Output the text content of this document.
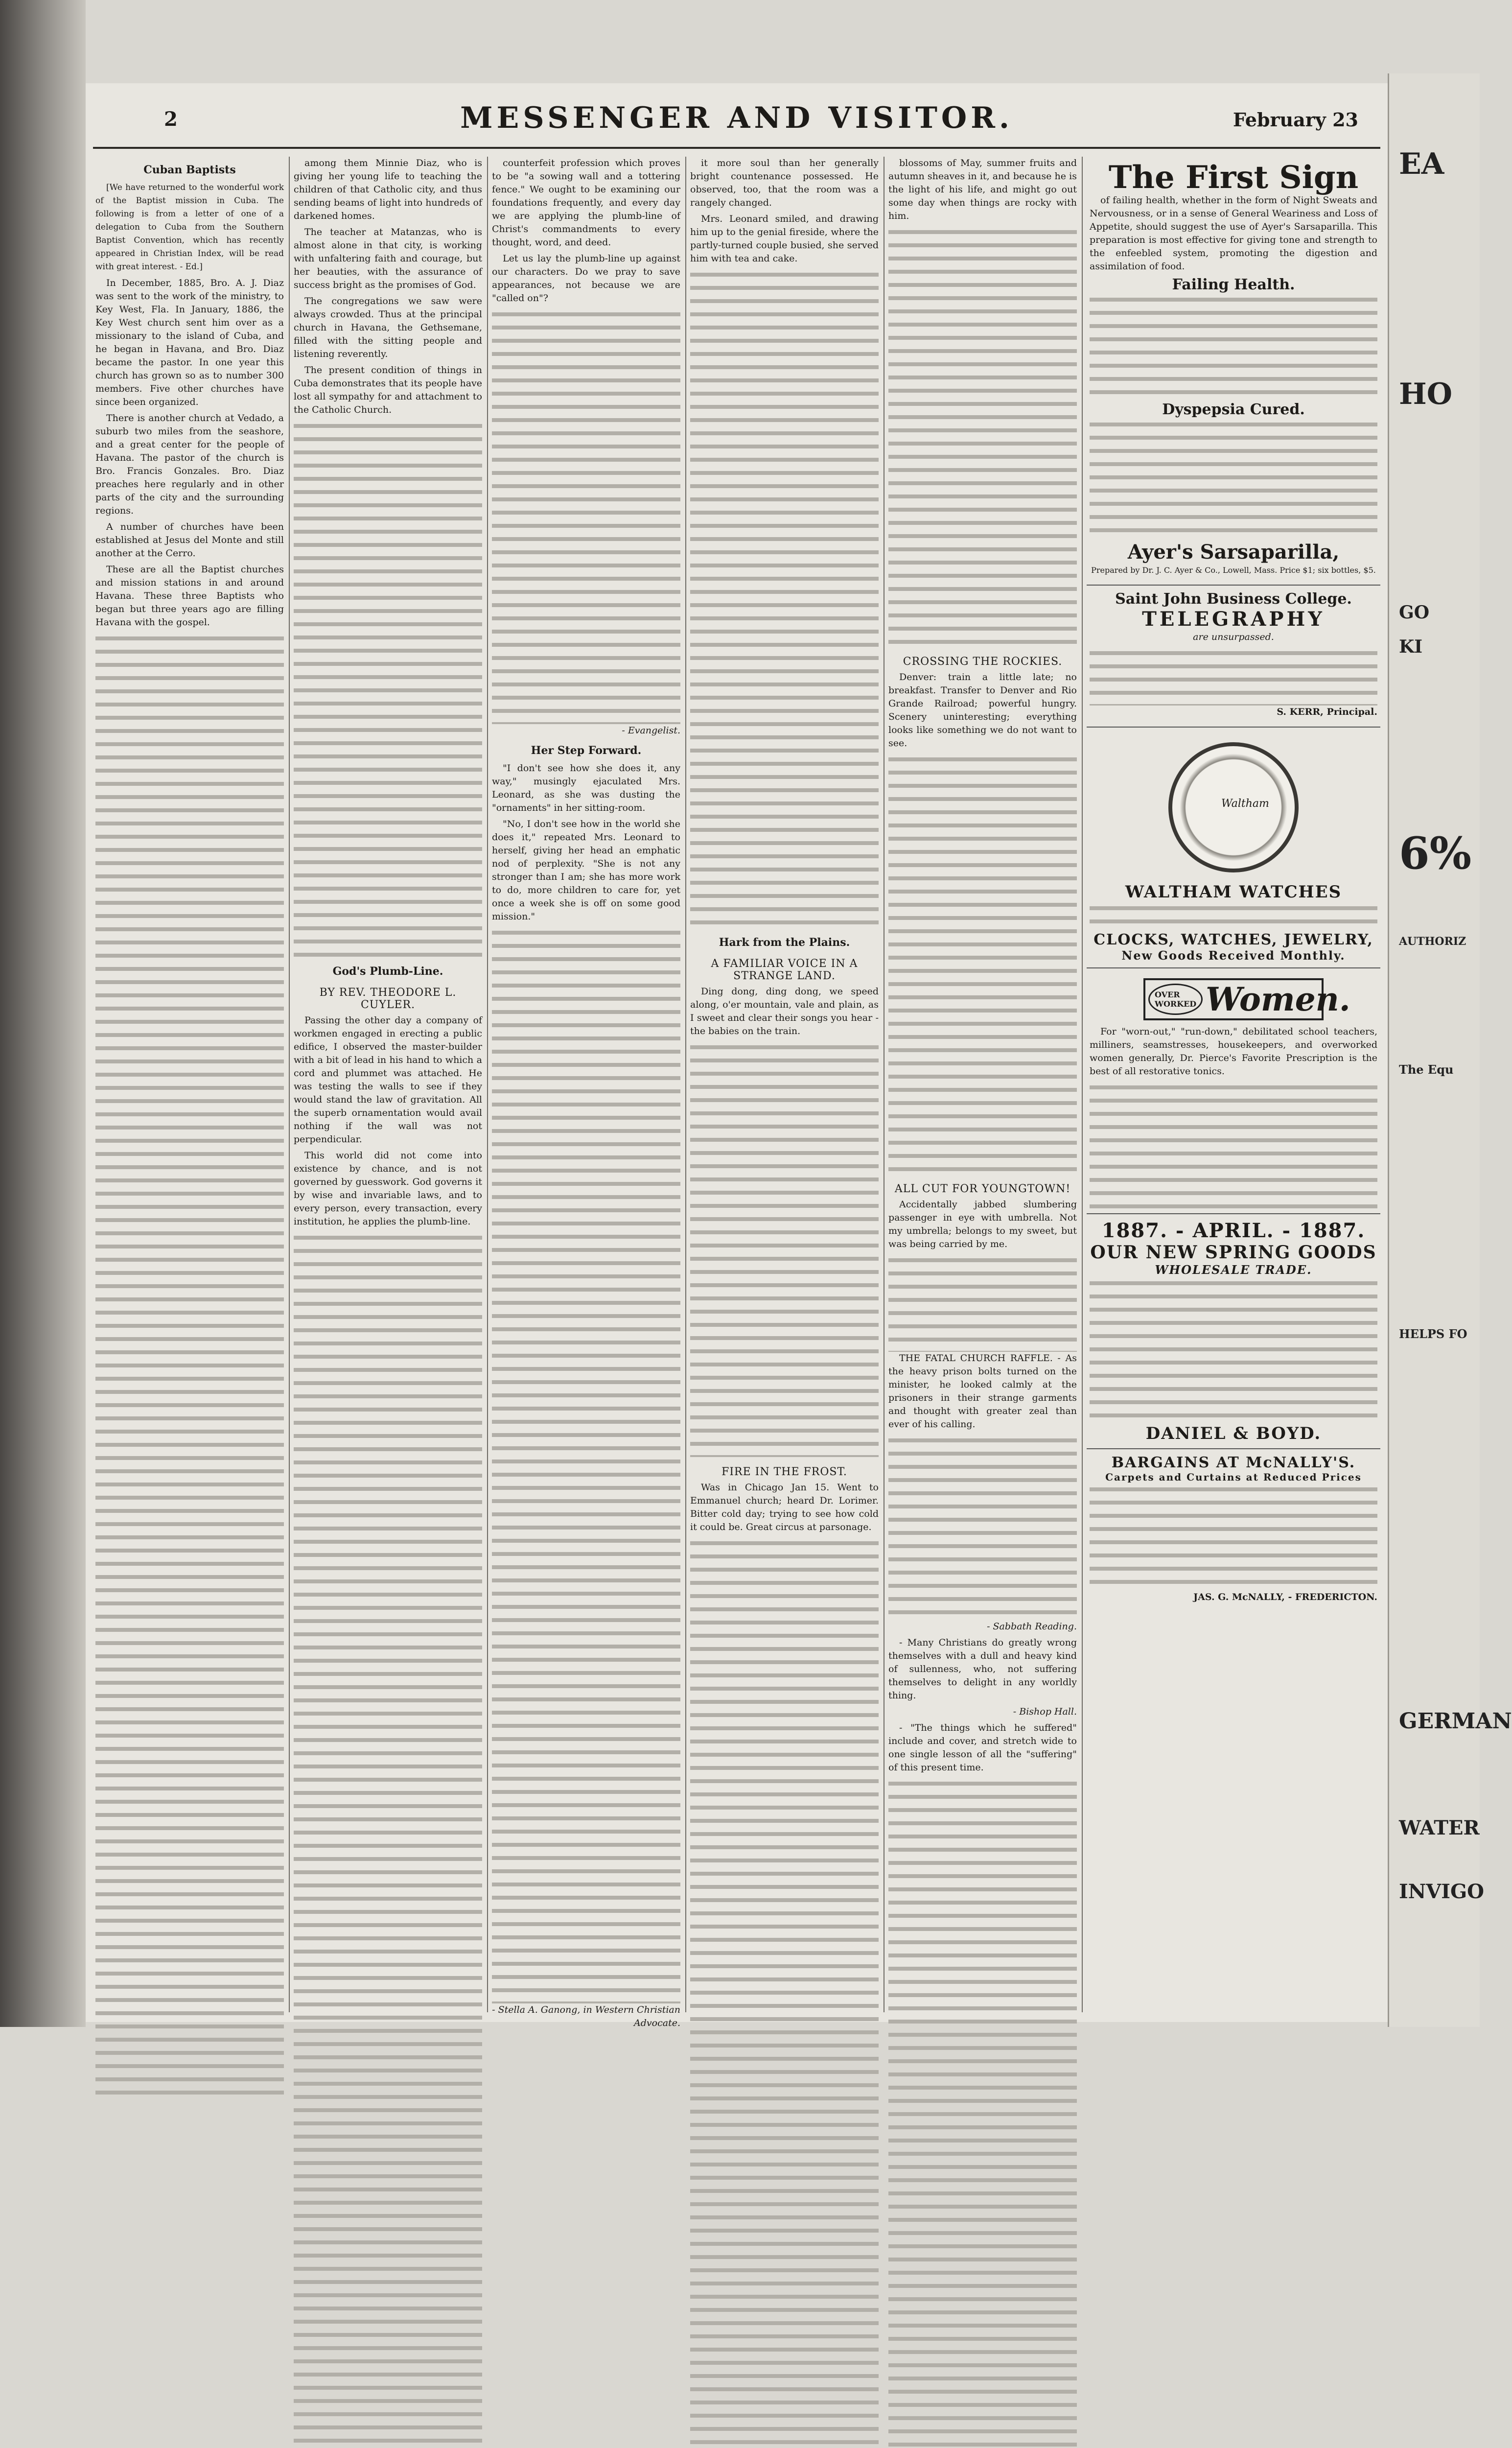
2	MESSENGER AND VISITOR.	February 23
Cuban Baptists

[We have returned to the wonderful work of the Baptist mission in Cuba. The following is from a letter of one of a delegation to Cuba from the Southern Baptist Convention, which has recently appeared in Christian Index, will be read with great interest. - Ed.]

In December, 1885, Bro. A. J. Diaz was sent to the work of the ministry, to Key West, Fla. In January, 1886, the Key West church sent him over as a missionary to the island of Cuba, and he began in Havana, and Bro. Diaz became the pastor. In one year this church has grown so as to number 300 members. Five other churches have since been organized.

There is another church at Vedado, a suburb two miles from the seashore, and a great center for the people of Havana. The pastor of the church is Bro. Francis Gonzales. Bro. Diaz preaches here regularly and in other parts of the city and the surrounding regions.

A number of churches have been established at Jesus del Monte and still another at the Cerro.

These are all the Baptist churches and mission stations in and around Havana. These three Baptists who began but three years ago are filling Havana with the gospel.

among them Minnie Diaz, who is giving her young life to teaching the children of that Catholic city, and thus sending beams of light into hundreds of darkened homes.

The teacher at Matanzas, who is almost alone in that city, is working with unfaltering faith and courage, but her beauties, with the assurance of success bright as the promises of God.

The congregations we saw were always crowded. Thus at the principal church in Havana, the Gethsemane, filled with the sitting people and listening reverently.

The present condition of things in Cuba demonstrates that its people have lost all sympathy for and attachment to the Catholic Church.

God's Plumb-Line.
BY REV. THEODORE L. CUYLER.

Passing the other day a company of workmen engaged in erecting a public edifice, I observed the master-builder with a bit of lead in his hand to which a cord and plummet was attached. He was testing the walls to see if they would stand the law of gravitation. All the superb ornamentation would avail nothing if the wall was not perpendicular.

This world did not come into existence by chance, and is not governed by guesswork. God governs it by wise and invariable laws, and to every person, every transaction, every institution, he applies the plumb-line.

counterfeit profession which proves to be "a sowing wall and a tottering fence." We ought to be examining our foundations frequently, and every day we are applying the plumb-line of Christ's commandments to every thought, word, and deed.

Let us lay the plumb-line up against our characters. Do we pray to save appearances, not because we are "called on"?

- Evangelist.

Her Step Forward.

"I don't see how she does it, any way," musingly ejaculated Mrs. Leonard, as she was dusting the "ornaments" in her sitting-room.

"No, I don't see how in the world she does it," repeated Mrs. Leonard to herself, giving her head an emphatic nod of perplexity. "She is not any stronger than I am; she has more work to do, more children to care for, yet once a week she is off on some good mission."

- Stella A. Ganong, in Western Christian Advocate.

it more soul than her generally bright countenance possessed. He observed, too, that the room was a rangely changed.

Mrs. Leonard smiled, and drawing him up to the genial fireside, where the partly-turned couple busied, she served him with tea and cake.

Hark from the Plains.
A FAMILIAR VOICE IN A STRANGE LAND.

Ding dong, ding dong, we speed along, o'er mountain, vale and plain, as I sweet and clear their songs you hear - the babies on the train.

FIRE IN THE FROST.

Was in Chicago Jan 15. Went to Emmanuel church; heard Dr. Lorimer. Bitter cold day; trying to see how cold it could be. Great circus at parsonage.

blossoms of May, summer fruits and autumn sheaves in it, and because he is the light of his life, and might go out some day when things are rocky with him.

CROSSING THE ROCKIES.

Denver: train a little late; no breakfast. Transfer to Denver and Rio Grande Railroad; powerful hungry. Scenery uninteresting; everything looks like something we do not want to see.

ALL CUT FOR YOUNGTOWN!

Accidentally jabbed slumbering passenger in eye with umbrella. Not my umbrella; belongs to my sweet, but was being carried by me.

THE FATAL CHURCH RAFFLE. - As the heavy prison bolts turned on the minister, he looked calmly at the prisoners in their strange garments and thought with greater zeal than ever of his calling.

- Sabbath Reading.

- Many Christians do greatly wrong themselves with a dull and heavy kind of sullenness, who, not suffering themselves to delight in any worldly thing.

- Bishop Hall.

- "The things which he suffered" include and cover, and stretch wide to one single lesson of all the "suffering" of this present time.

The First Sign

of failing health, whether in the form of Night Sweats and Nervousness, or in a sense of General Weariness and Loss of Appetite, should suggest the use of Ayer's Sarsaparilla. This preparation is most effective for giving tone and strength to the enfeebled system, promoting the digestion and assimilation of food.

Failing Health.
Dyspepsia Cured.
Ayer's Sarsaparilla,

Prepared by Dr. J. C. Ayer & Co., Lowell, Mass. Price $1; six bottles, $5.

Saint John Business College.
TELEGRAPHY

are unsurpassed.

S. KERR, Principal.

Waltham
WALTHAM WATCHES
CLOCKS, WATCHES, JEWELRY,
New Goods Received Monthly.
OVER WORKED Women.

For "worn-out," "run-down," debilitated school teachers, milliners, seamstresses, housekeepers, and overworked women generally, Dr. Pierce's Favorite Prescription is the best of all restorative tonics.

1887. - APRIL. - 1887.
OUR NEW SPRING GOODS
WHOLESALE TRADE.
DANIEL & BOYD.
BARGAINS AT McNALLY'S.
Carpets and Curtains at Reduced Prices

JAS. G. McNALLY, - FREDERICTON.

EA
HO
GO
KI
6%
AUTHORIZ
The Equ
HELPS FO
GERMAN
WATER
INVIGO
